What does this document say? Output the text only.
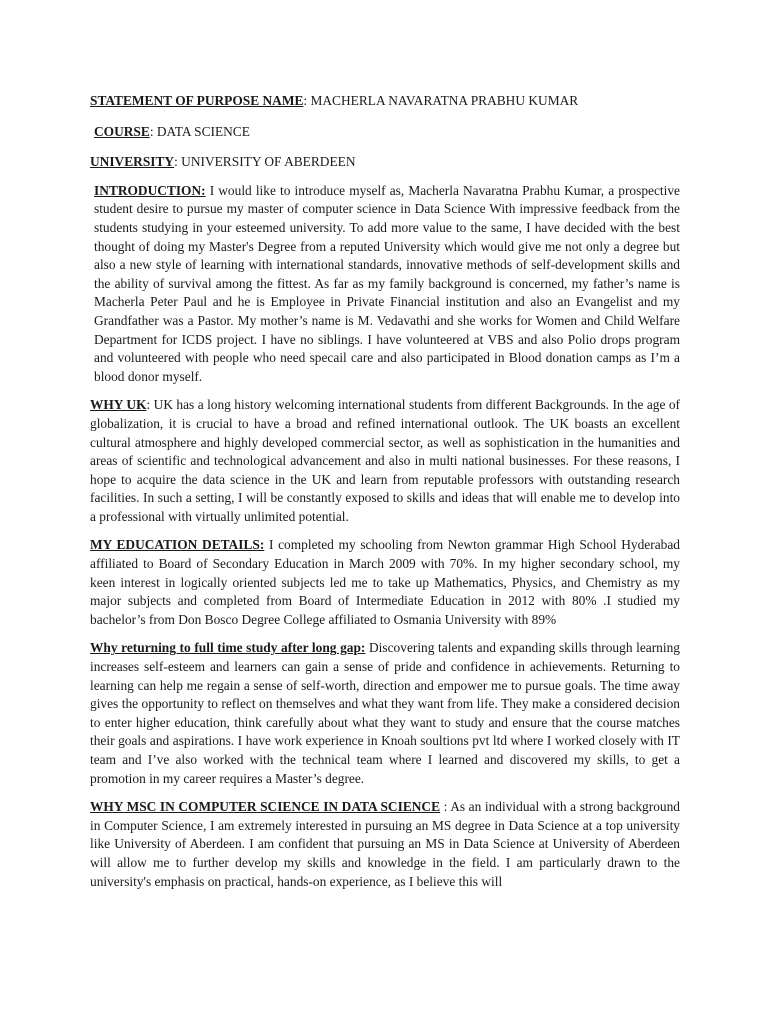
STATEMENT OF PURPOSE NAME: MACHERLA NAVARATNA PRABHU KUMAR

COURSE: DATA SCIENCE

UNIVERSITY: UNIVERSITY OF ABERDEEN

INTRODUCTION: I would like to introduce myself as, Macherla Navaratna Prabhu Kumar, a prospective student desire to pursue my master of computer science in Data Science With impressive feedback from the students studying in your esteemed university. To add more value to the same, I have decided with the best thought of doing my Master's Degree from a reputed University which would give me not only a degree but also a new style of learning with international standards, innovative methods of self-development skills and the ability of survival among the fittest. As far as my family background is concerned, my father’s name is Macherla Peter Paul and he is Employee in Private Financial institution and also an Evangelist and my Grandfather was a Pastor. My mother’s name is M. Vedavathi and she works for Women and Child Welfare Department for ICDS project. I have no siblings. I have volunteered at VBS and also Polio drops program and volunteered with people who need specail care and also participated in Blood donation camps as I’m a blood donor myself.

WHY UK: UK has a long history welcoming international students from different Backgrounds. In the age of globalization, it is crucial to have a broad and refined international outlook. The UK boasts an excellent cultural atmosphere and highly developed commercial sector, as well as sophistication in the humanities and areas of scientific and technological advancement and also in multi national businesses. For these reasons, I hope to acquire the data science in the UK and learn from reputable professors with outstanding research facilities. In such a setting, I will be constantly exposed to skills and ideas that will enable me to develop into a professional with virtually unlimited potential.

MY EDUCATION DETAILS: I completed my schooling from Newton grammar High School Hyderabad affiliated to Board of Secondary Education in March 2009 with 70%. In my higher secondary school, my keen interest in logically oriented subjects led me to take up Mathematics, Physics, and Chemistry as my major subjects and completed from Board of Intermediate Education in 2012 with 80% .I studied my bachelor’s from Don Bosco Degree College affiliated to Osmania University with 89%

Why returning to full time study after long gap: Discovering talents and expanding skills through learning increases self-esteem and learners can gain a sense of pride and confidence in achievements. Returning to learning can help me regain a sense of self-worth, direction and empower me to pursue goals. The time away gives the opportunity to reflect on themselves and what they want from life. They make a considered decision to enter higher education, think carefully about what they want to study and ensure that the course matches their goals and aspirations. I have work experience in Knoah soultions pvt ltd where I worked closely with IT team and I’ve also worked with the technical team where I learned and discovered my skills, to get a promotion in my career requires a Master’s degree.

WHY MSC IN COMPUTER SCIENCE IN DATA SCIENCE : As an individual with a strong background in Computer Science, I am extremely interested in pursuing an MS degree in Data Science at a top university like University of Aberdeen. I am confident that pursuing an MS in Data Science at University of Aberdeen will allow me to further develop my skills and knowledge in the field. I am particularly drawn to the university's emphasis on practical, hands-on experience, as I believe this will
